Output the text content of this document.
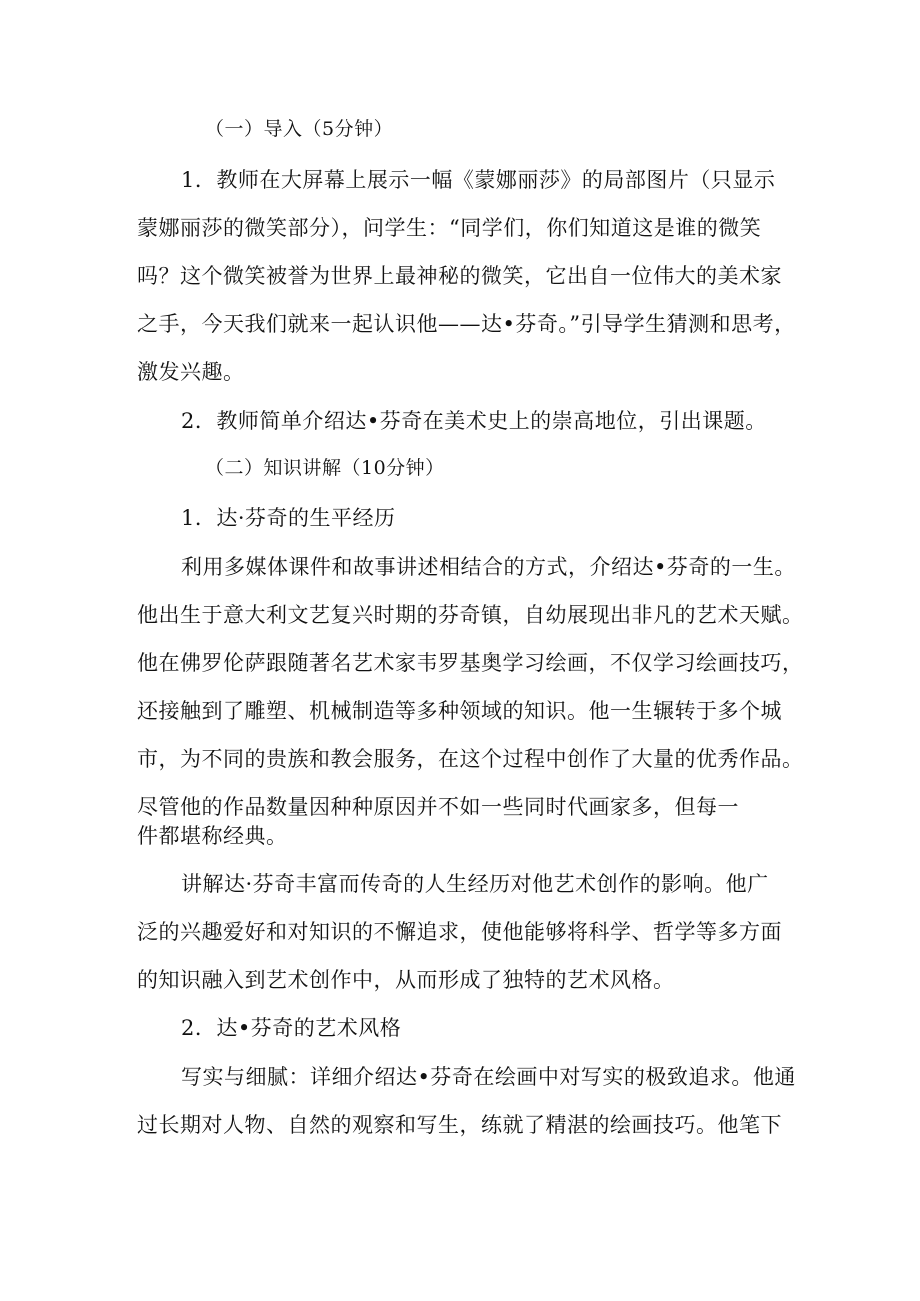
（一）导入（5分钟）
1．教师在大屏幕上展示一幅《蒙娜丽莎》的局部图片（只显示
蒙娜丽莎的微笑部分），问学生：“同学们，你们知道这是谁的微笑
吗？这个微笑被誉为世界上最神秘的微笑，它出自一位伟大的美术家
之手，今天我们就来一起认识他——达•芬奇。”引导学生猜测和思考，
激发兴趣。
2．教师简单介绍达•芬奇在美术史上的崇高地位，引出课题。
（二）知识讲解（10分钟）
1．达·芬奇的生平经历
利用多媒体课件和故事讲述相结合的方式，介绍达•芬奇的一生。
他出生于意大利文艺复兴时期的芬奇镇，自幼展现出非凡的艺术天赋。
他在佛罗伦萨跟随著名艺术家韦罗基奥学习绘画，不仅学习绘画技巧，
还接触到了雕塑、机械制造等多种领域的知识。他一生辗转于多个城
市，为不同的贵族和教会服务，在这个过程中创作了大量的优秀作品。
尽管他的作品数量因种种原因并不如一些同时代画家多，但每一
件都堪称经典。
讲解达·芬奇丰富而传奇的人生经历对他艺术创作的影响。他广
泛的兴趣爱好和对知识的不懈追求，使他能够将科学、哲学等多方面
的知识融入到艺术创作中，从而形成了独特的艺术风格。
2．达•芬奇的艺术风格
写实与细腻：详细介绍达•芬奇在绘画中对写实的极致追求。他通
过长期对人物、自然的观察和写生，练就了精湛的绘画技巧。他笔下
